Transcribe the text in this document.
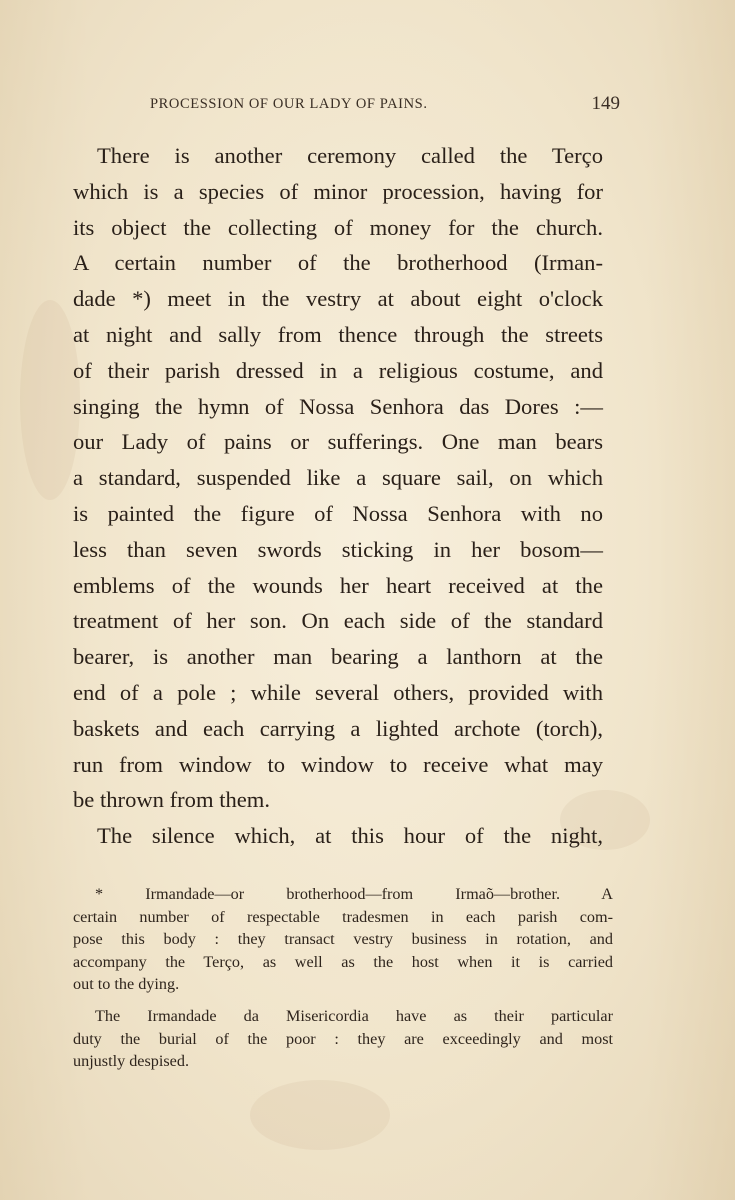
PROCESSION OF OUR LADY OF PAINS.	149
There is another ceremony called the Terço
which is a species of minor procession, having for
its object the collecting of money for the church.
A certain number of the brotherhood (Irman-
dade *) meet in the vestry at about eight o'clock
at night and sally from thence through the streets
of their parish dressed in a religious costume, and
singing the hymn of Nossa Senhora das Dores :—
our Lady of pains or sufferings. One man bears
a standard, suspended like a square sail, on which
is painted the figure of Nossa Senhora with no
less than seven swords sticking in her bosom—
emblems of the wounds her heart received at the
treatment of her son. On each side of the standard
bearer, is another man bearing a lanthorn at the
end of a pole ; while several others, provided with
baskets and each carrying a lighted archote (torch),
run from window to window to receive what may
be thrown from them.
The silence which, at this hour of the night,
* Irmandade—or brotherhood—from Irmaõ—brother. A
certain number of respectable tradesmen in each parish com-
pose this body : they transact vestry business in rotation, and
accompany the Terço, as well as the host when it is carried
out to the dying.
The Irmandade da Misericordia have as their particular
duty the burial of the poor : they are exceedingly and most
unjustly despised.
